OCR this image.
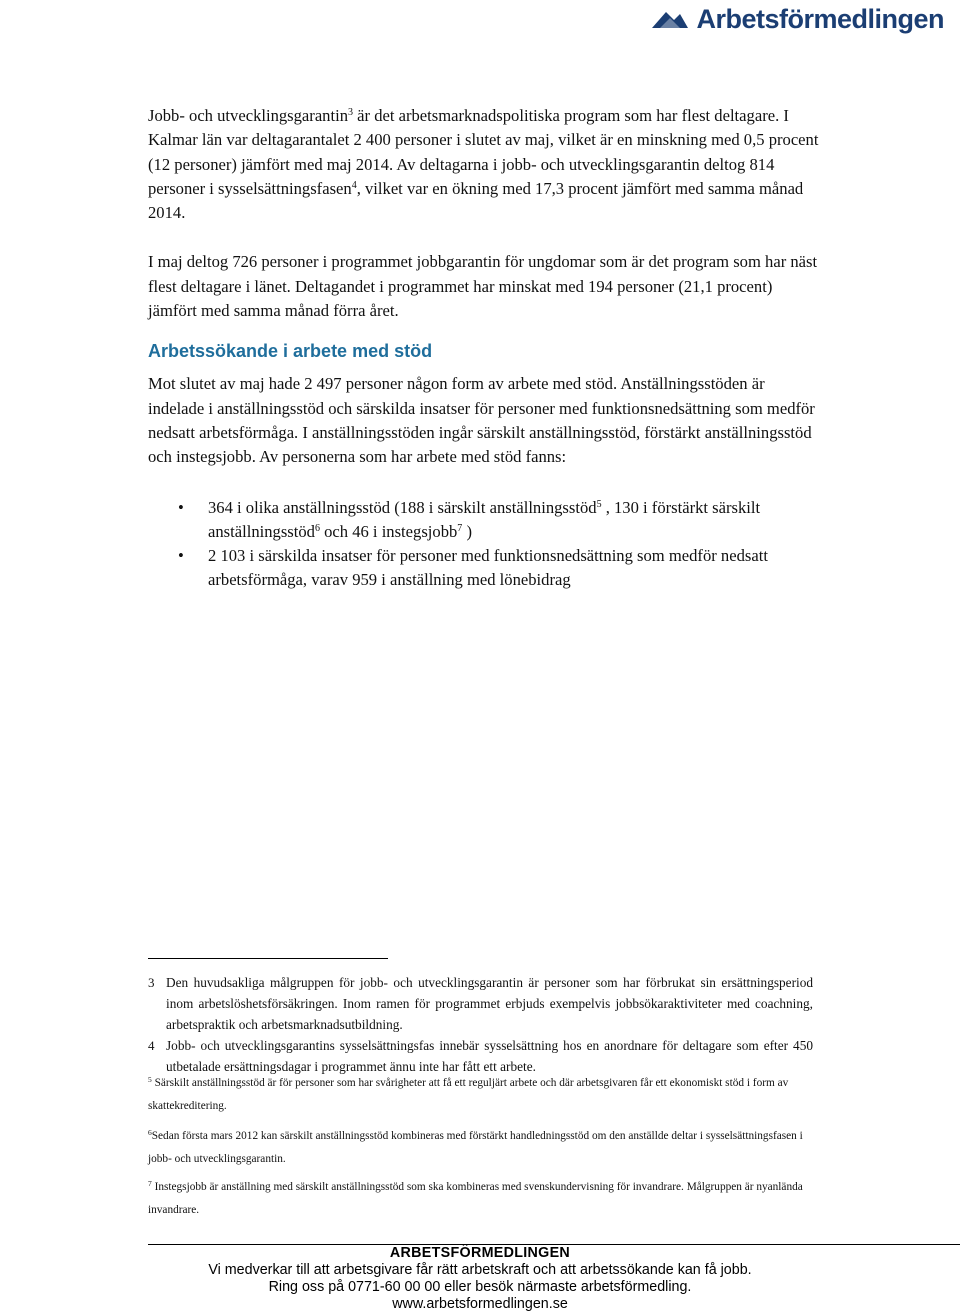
Arbetsförmedlingen

Jobb- och utvecklingsgarantin$^3$ är det arbetsmarknadspolitiska program som har flest deltagare. I Kalmar län var deltagarantalet 2 400 personer i slutet av maj, vilket är en minskning med 0,5 procent (12 personer) jämfört med maj 2014. Av deltagarna i jobb- och utvecklingsgarantin deltog 814 personer i sysselsättningsfasen$^4$, vilket var en ökning med 17,3 procent jämfört med samma månad 2014.

I maj deltog 726 personer i programmet jobbgarantin för ungdomar som är det program som har näst flest deltagare i länet. Deltagandet i programmet har minskat med 194 personer (21,1 procent) jämfört med samma månad förra året.

Arbetssökande i arbete med stöd

Mot slutet av maj hade 2 497 personer någon form av arbete med stöd. Anställningsstöden är indelade i anställningsstöd och särskilda insatser för personer med funktionsnedsättning som medför nedsatt arbetsförmåga. I anställningsstöden ingår särskilt anställningsstöd, förstärkt anställningsstöd och instegsjobb. Av personerna som har arbete med stöd fanns:

• 364 i olika anställningsstöd (188 i särskilt anställningsstöd$^5$ , 130 i förstärkt särskilt anställningsstöd$^6$ och 46 i instegsjobb$^7$ )
• 2 103 i särskilda insatser för personer med funktionsnedsättning som medför nedsatt arbetsförmåga, varav 959 i anställning med lönebidrag
3 Den huvudsakliga målgruppen för jobb- och utvecklingsgarantin är personer som har förbrukat sin ersättningsperiod inom arbetslöshetsförsäkringen. Inom ramen för programmet erbjuds exempelvis jobbsökaraktiviteter med coachning, arbetspraktik och arbetsmarknadsutbildning.
4 Jobb- och utvecklingsgarantins sysselsättningsfas innebär sysselsättning hos en anordnare för deltagare som efter 450 utbetalade ersättningsdagar i programmet ännu inte har fått ett arbete.
$^5$ Särskilt anställningsstöd är för personer som har svårigheter att få ett reguljärt arbete och där arbetsgivaren får ett ekonomiskt stöd i form av skattekreditering.
$^6$Sedan första mars 2012 kan särskilt anställningsstöd kombineras med förstärkt handledningsstöd om den anställde deltar i sysselsättningsfasen i jobb- och utvecklingsgarantin.
$^7$ Instegsjobb är anställning med särskilt anställningsstöd som ska kombineras med svenskundervisning för invandrare. Målgruppen är nyanlända invandrare.
ARBETSFÖRMEDLINGEN
Vi medverkar till att arbetsgivare får rätt arbetskraft och att arbetssökande kan få jobb.
Ring oss på 0771-60 00 00 eller besök närmaste arbetsförmedling.
www.arbetsformedlingen.se
